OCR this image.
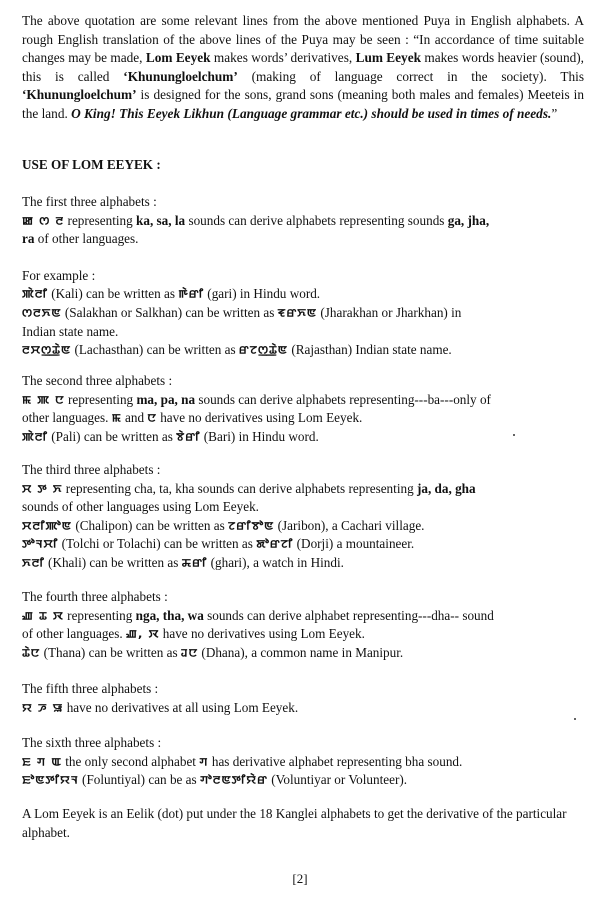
The above quotation are some relevant lines from the above mentioned Puya in English alphabets. A rough English translation of the above lines of the Puya may be seen : “In accordance of time suitable changes may be made, Lom Eeyek makes words’ derivatives, Lum Eeyek makes words heavier (sound), this is called ‘Khunungloelchum’ (making of language correct in the society). This ‘Khunungloelchum’ is designed for the sons, grand sons (meaning both males and females) Meeteis in the land. O King! This Eeyek Likhun (Language grammar etc.) should be used in times of needs.”
USE OF LOM EEYEK :
The first three alphabets :
ꯀ ꯁ ꯂ representing ka, sa, la sounds can derive alphabets representing sounds ga, jha,
ra of other languages.
For example :
ꯄꯥꯂꯤ (Kali) can be written as ꯒꯥꯔꯤ (gari) in Hindu word.
ꯁꯂꯈꯟ (Salakhan or Salkhan) can be written as ꯓꯔꯈꯟ (Jharakhan or Jharkhan) in
Indian state name.
ꯂꯆꯁ꯭ꯊꯥꯟ (Lachasthan) can be written as ꯔꯖꯁ꯭ꯊꯥꯟ (Rajasthan) Indian state name.
The second three alphabets :
ꯃ ꯄ ꯅ representing ma, pa, na sounds can derive alphabets representing---ba---only of
other languages. ꯃ and ꯅ have no derivatives using Lom Eeyek.
ꯄꯥꯂꯤ (Pali) can be written as ꯕꯥꯔꯤ (Bari) in Hindu word.
The third three alphabets :
ꯆ ꯇ ꯈ representing cha, ta, kha sounds can derive alphabets representing ja, da, gha
sounds of other languages using Lom Eeyek.
ꯆꯂꯤꯄꯣꯟ (Chalipon) can be written as ꯖꯔꯤꯕꯣꯟ (Jaribon), a Cachari village.
ꯇꯣꯜꯆꯤ (Tolchi or Tolachi) can be written as ꯗꯣꯔꯖꯤ (Dorji) a mountaineer.
ꯈꯂꯤ (Khali) can be written as ꯘꯔꯤ (ghari), a watch in Hindi.
The fourth three alphabets :
ꯉ ꯊ ꯋ representing nga, tha, wa sounds can derive alphabet representing---dha-- sound
of other languages. ꯉ, ꯋ have no derivatives using Lom Eeyek.
ꯊꯥꯅ (Thana) can be written as ꯙꯅ (Dhana), a common name in Manipur.
The fifth three alphabets :
ꯌ ꯍ ꯎ have no derivatives at all using Lom Eeyek.
The sixth three alphabets :
ꯐ ꯚ ꯑ the only second alphabet ꯚ has derivative alphabet representing bha sound.
ꯐꯣꯟꯇꯤꯌꯜ (Foluntiyal) can be as ꯚꯣꯂꯟꯇꯤꯌꯥꯔ (Voluntiyar or Volunteer).
A Lom Eeyek is an Eelik (dot) put under the 18 Kanglei alphabets to get the derivative of the particular alphabet.
[2]
